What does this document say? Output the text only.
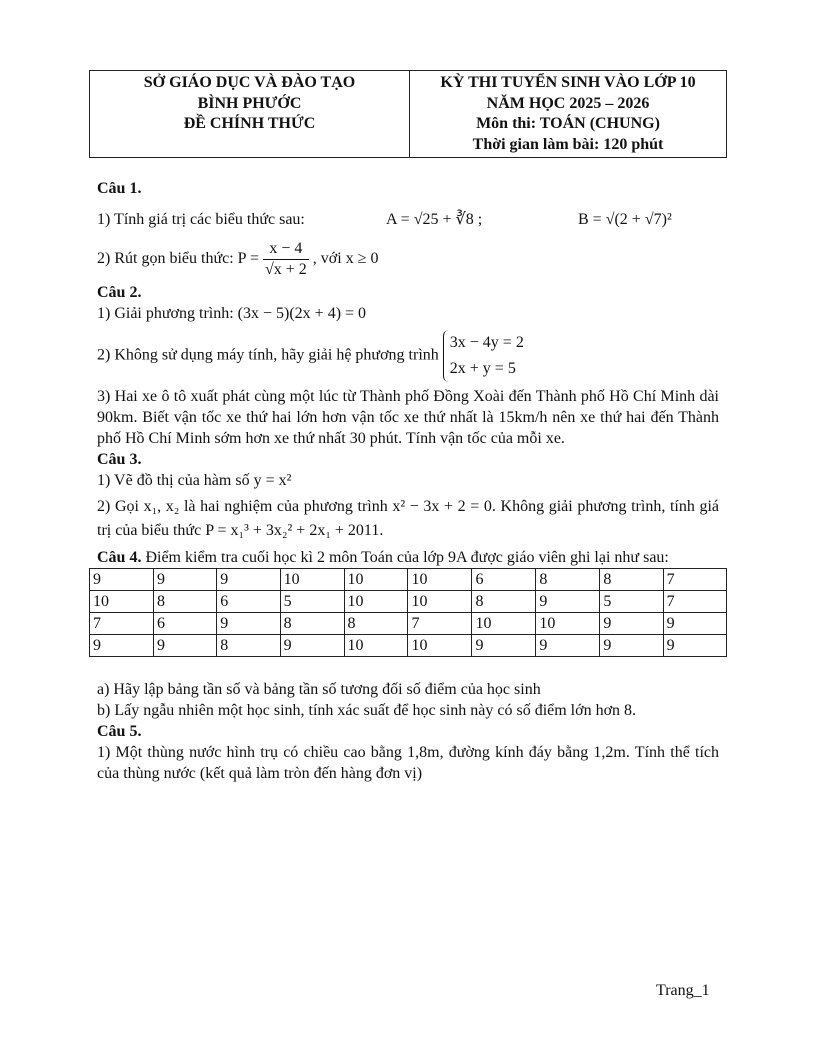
SỞ GIÁO DỤC VÀ ĐÀO TẠO
BÌNH PHƯỚC
ĐỀ CHÍNH THỨC

KỲ THI TUYỂN SINH VÀO LỚP 10
NĂM HỌC 2025 – 2026
Môn thi: TOÁN (CHUNG)
Thời gian làm bài: 120 phút
Câu 1.
1) Tính giá trị các biểu thức sau:	A = √25 + ∛8 ;	B = √(2 + √7)²
2) Rút gọn biểu thức: $P = \frac{x - 4}{√x + 2}$ , với x ≥ 0
Câu 2.
1) Giải phương trình: (3x − 5)(2x + 4) = 0
2) Không sử dụng máy tính, hãy giải hệ phương trình
3x − 4y = 2
2x + y = 5
3) Hai xe ô tô xuất phát cùng một lúc từ Thành phố Đồng Xoài đến Thành phố Hồ Chí Minh dài 90km. Biết vận tốc xe thứ hai lớn hơn vận tốc xe thứ nhất là 15km/h nên xe thứ hai đến Thành phố Hồ Chí Minh sớm hơn xe thứ nhất 30 phút. Tính vận tốc của mỗi xe.
Câu 3.
1) Vẽ đồ thị của hàm số y = x²
2) Gọi x₁, x₂ là hai nghiệm của phương trình x² − 3x + 2 = 0. Không giải phương trình, tính giá trị của biểu thức P = x₁³ + 3x₂² + 2x₁ + 2011.
Câu 4. Điểm kiểm tra cuối học kì 2 môn Toán của lớp 9A được giáo viên ghi lại như sau:
9	9	9	10	10	10	6	8	8	7
10	8	6	5	10	10	8	9	5	7
7	6	9	8	8	7	10	10	9	9
9	9	8	9	10	10	9	9	9	9
a) Hãy lập bảng tần số và bảng tần số tương đối số điểm của học sinh
b) Lấy ngẫu nhiên một học sinh, tính xác suất để học sinh này có số điểm lớn hơn 8.
Câu 5.
1) Một thùng nước hình trụ có chiều cao bằng 1,8m, đường kính đáy bằng 1,2m. Tính thể tích của thùng nước (kết quả làm tròn đến hàng đơn vị)
Trang_1
